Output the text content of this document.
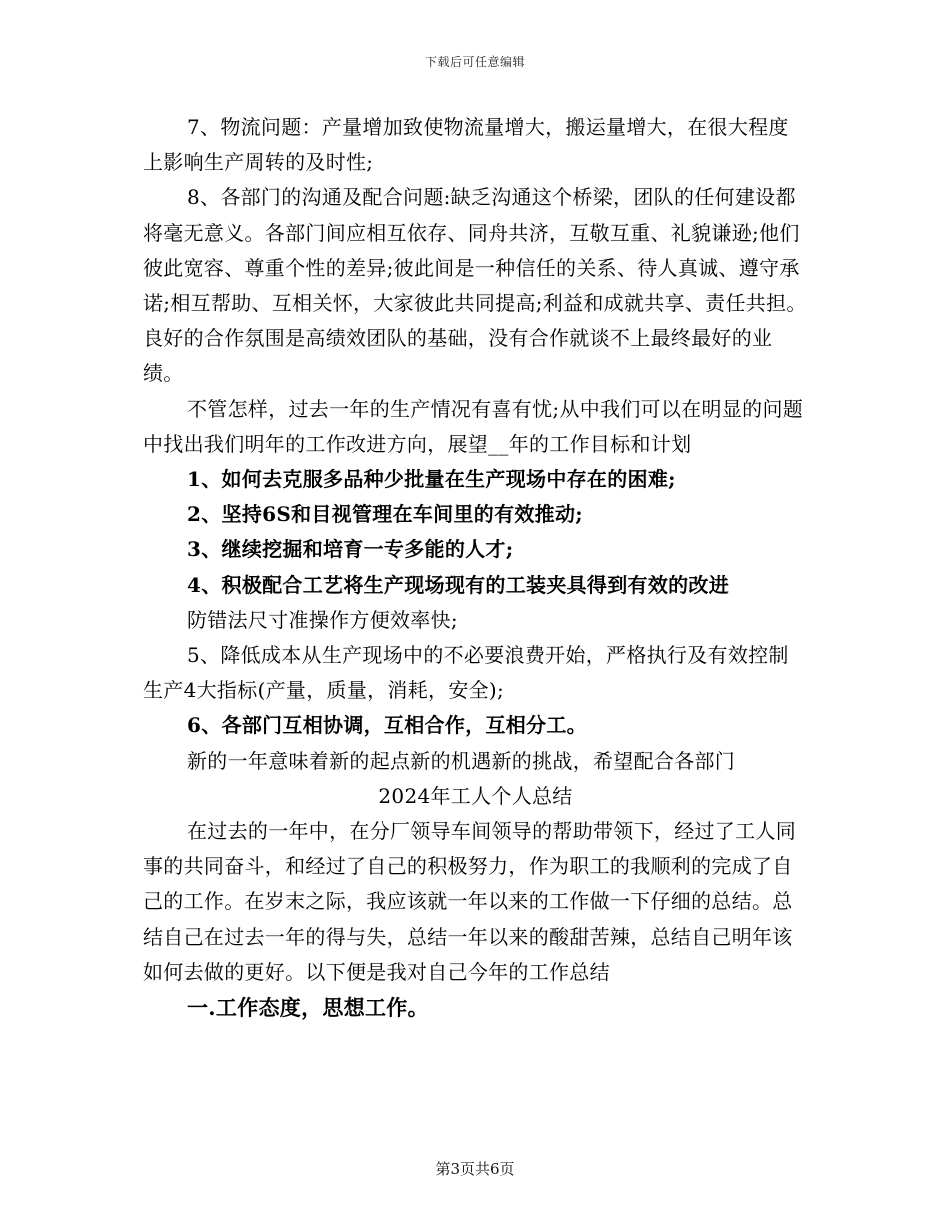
下载后可任意编辑

7、物流问题：产量增加致使物流量增大，搬运量增大，在很大程度上影响生产周转的及时性;

8、各部门的沟通及配合问题:缺乏沟通这个桥梁，团队的任何建设都将毫无意义。各部门间应相互依存、同舟共济，互敬互重、礼貌谦逊;他们彼此宽容、尊重个性的差异;彼此间是一种信任的关系、待人真诚、遵守承诺;相互帮助、互相关怀，大家彼此共同提高;利益和成就共享、责任共担。良好的合作氛围是高绩效团队的基础，没有合作就谈不上最终最好的业绩。

不管怎样，过去一年的生产情况有喜有忧;从中我们可以在明显的问题中找出我们明年的工作改进方向，展望__年的工作目标和计划

1、如何去克服多品种少批量在生产现场中存在的困难;

2、坚持6S和目视管理在车间里的有效推动;

3、继续挖掘和培育一专多能的人才;

4、积极配合工艺将生产现场现有的工装夹具得到有效的改进

防错法尺寸准操作方便效率快;

5、降低成本从生产现场中的不必要浪费开始，严格执行及有效控制生产4大指标(产量，质量，消耗，安全);

6、各部门互相协调，互相合作，互相分工。

新的一年意味着新的起点新的机遇新的挑战，希望配合各部门

2024年工人个人总结

在过去的一年中，在分厂领导车间领导的帮助带领下，经过了工人同事的共同奋斗，和经过了自己的积极努力，作为职工的我顺利的完成了自己的工作。在岁末之际，我应该就一年以来的工作做一下仔细的总结。总结自己在过去一年的得与失，总结一年以来的酸甜苦辣，总结自己明年该如何去做的更好。以下便是我对自己今年的工作总结

一.工作态度，思想工作。

第3页共6页
